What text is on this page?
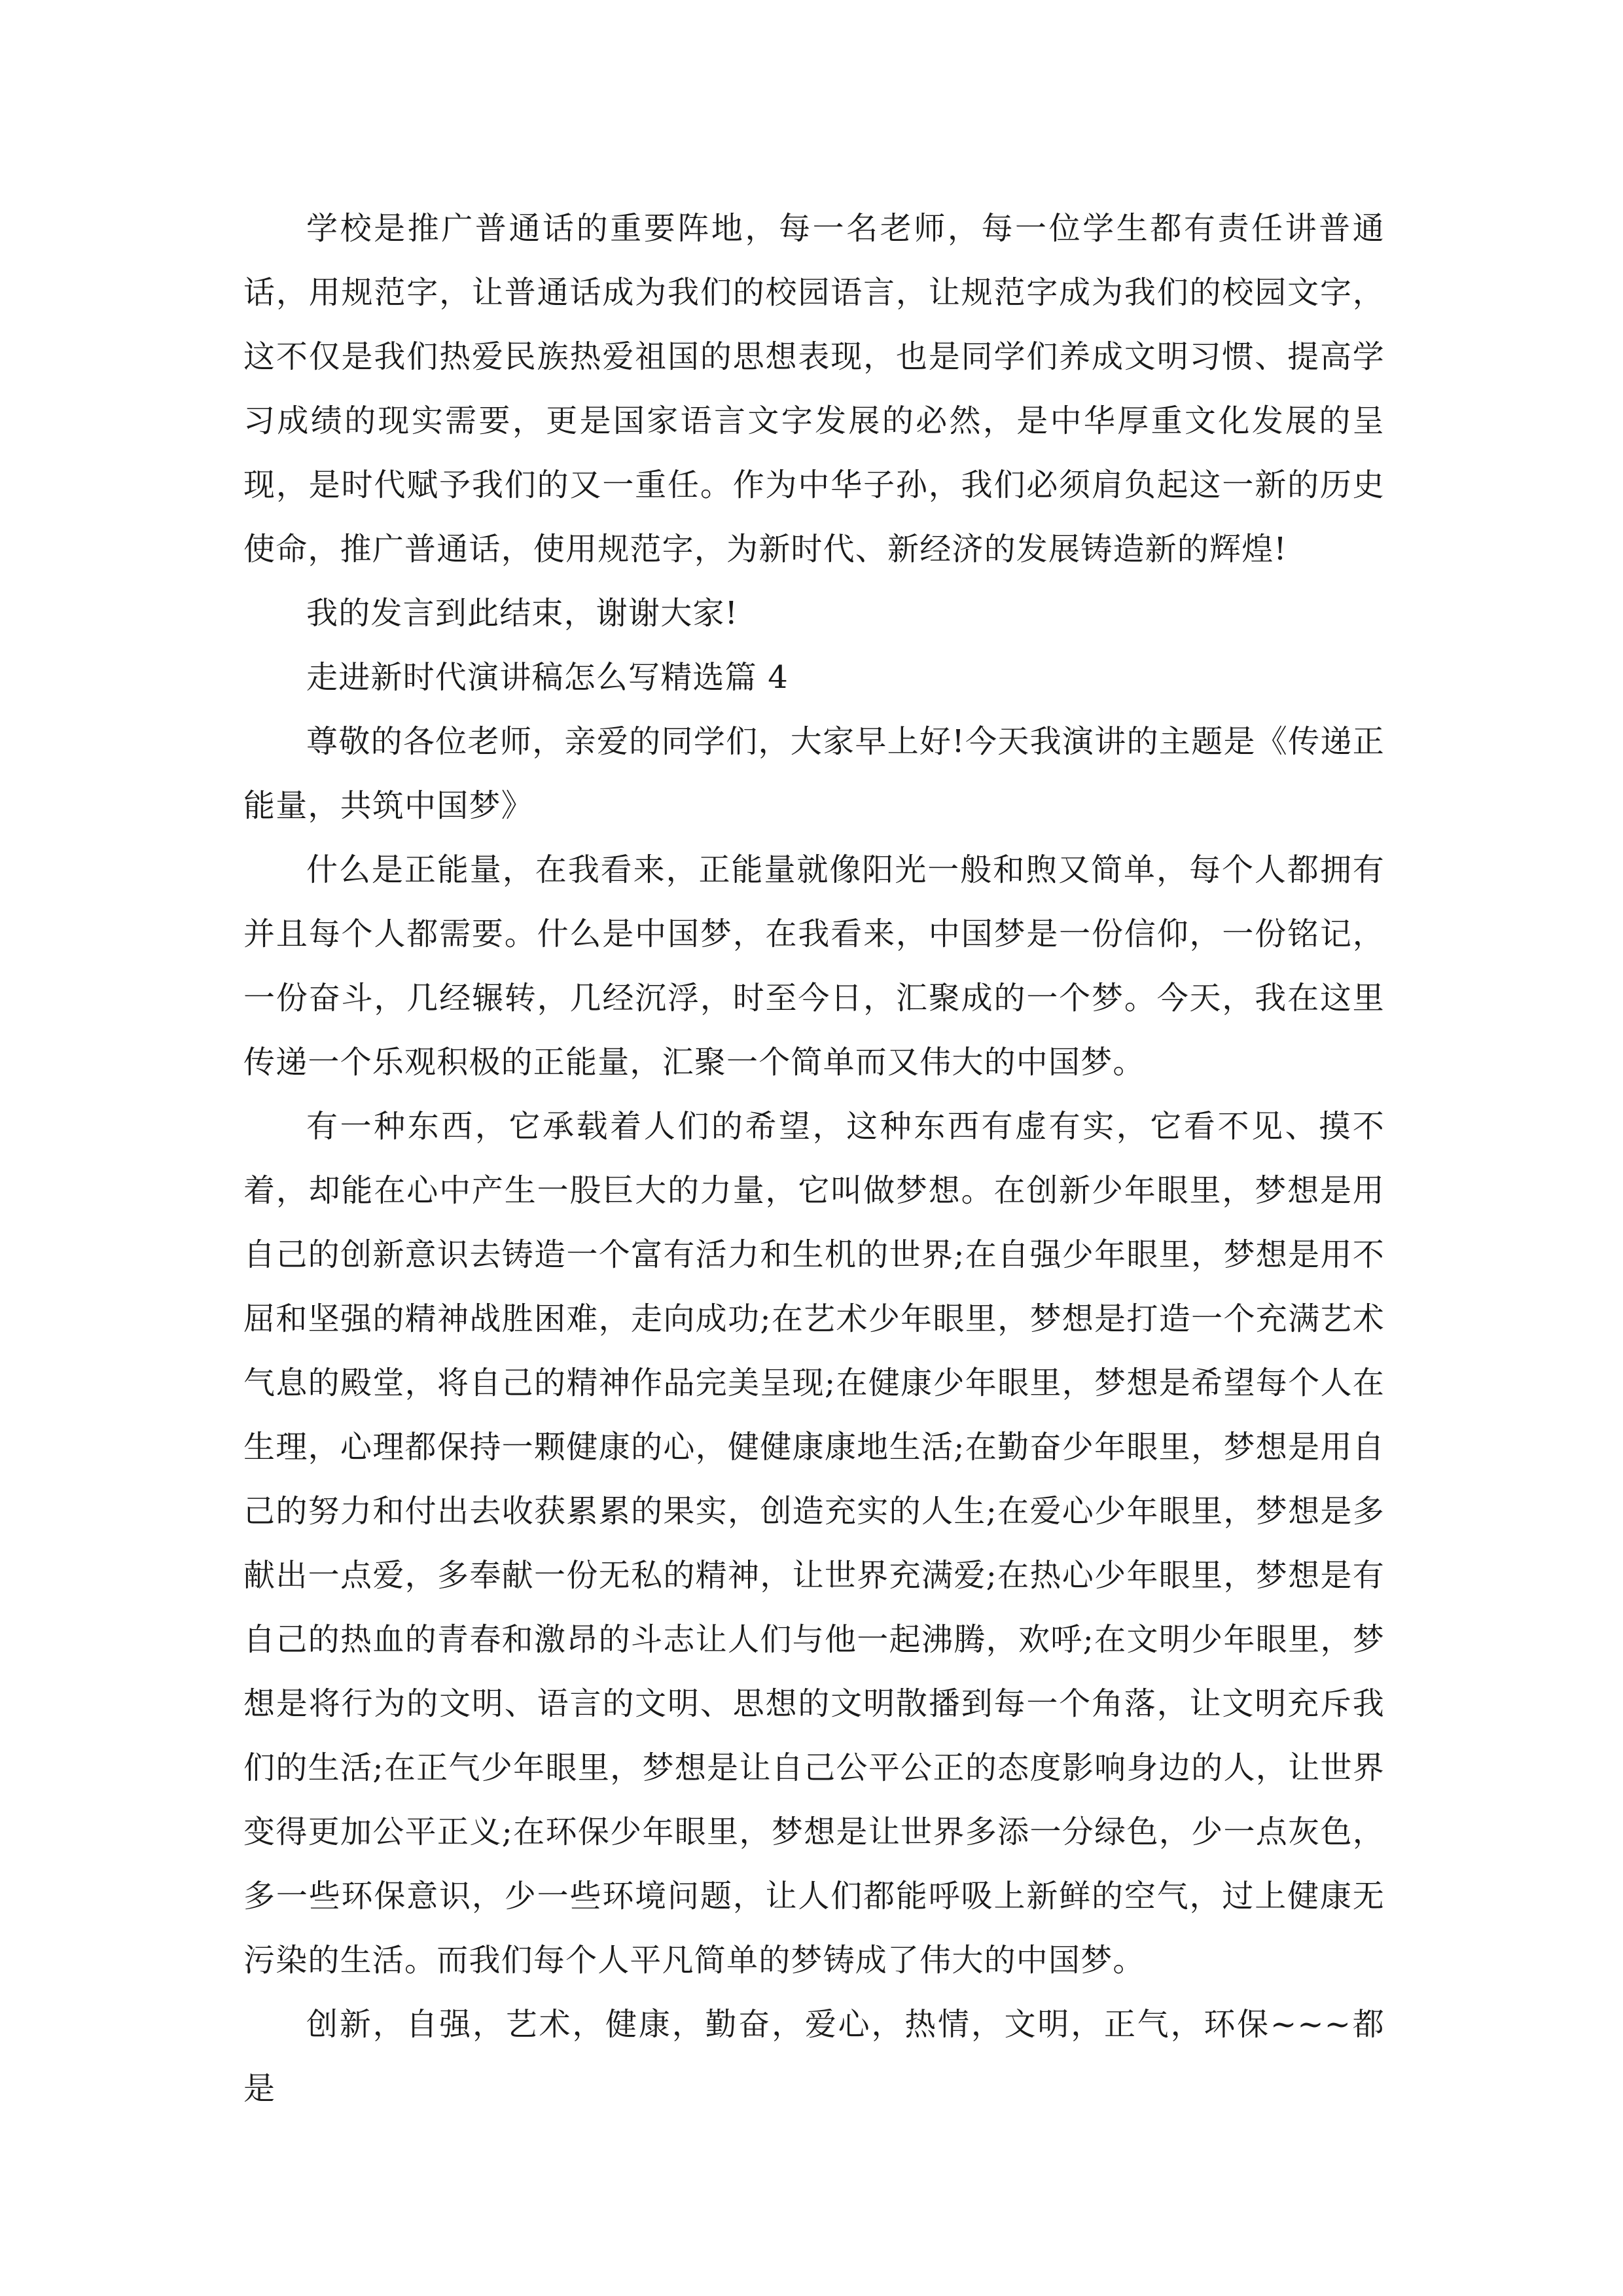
学校是推广普通话的重要阵地，每一名老师，每一位学生都有责任讲普通话，用规范字，让普通话成为我们的校园语言，让规范字成为我们的校园文字，这不仅是我们热爱民族热爱祖国的思想表现，也是同学们养成文明习惯、提高学习成绩的现实需要，更是国家语言文字发展的必然，是中华厚重文化发展的呈现，是时代赋予我们的又一重任。作为中华子孙，我们必须肩负起这一新的历史使命，推广普通话，使用规范字，为新时代、新经济的发展铸造新的辉煌!

我的发言到此结束，谢谢大家!

走进新时代演讲稿怎么写精选篇 4

尊敬的各位老师，亲爱的同学们，大家早上好!今天我演讲的主题是《传递正能量，共筑中国梦》

什么是正能量，在我看来，正能量就像阳光一般和煦又简单，每个人都拥有并且每个人都需要。什么是中国梦，在我看来，中国梦是一份信仰，一份铭记，一份奋斗，几经辗转，几经沉浮，时至今日，汇聚成的一个梦。今天，我在这里传递一个乐观积极的正能量，汇聚一个简单而又伟大的中国梦。

有一种东西，它承载着人们的希望，这种东西有虚有实，它看不见、摸不着，却能在心中产生一股巨大的力量，它叫做梦想。在创新少年眼里，梦想是用自己的创新意识去铸造一个富有活力和生机的世界;在自强少年眼里，梦想是用不屈和坚强的精神战胜困难，走向成功;在艺术少年眼里，梦想是打造一个充满艺术气息的殿堂，将自己的精神作品完美呈现;在健康少年眼里，梦想是希望每个人在生理，心理都保持一颗健康的心，健健康康地生活;在勤奋少年眼里，梦想是用自己的努力和付出去收获累累的果实，创造充实的人生;在爱心少年眼里，梦想是多献出一点爱，多奉献一份无私的精神，让世界充满爱;在热心少年眼里，梦想是有自己的热血的青春和激昂的斗志让人们与他一起沸腾，欢呼;在文明少年眼里，梦想是将行为的文明、语言的文明、思想的文明散播到每一个角落，让文明充斥我们的生活;在正气少年眼里，梦想是让自己公平公正的态度影响身边的人，让世界变得更加公平正义;在环保少年眼里，梦想是让世界多添一分绿色，少一点灰色，多一些环保意识，少一些环境问题，让人们都能呼吸上新鲜的空气，过上健康无污染的生活。而我们每个人平凡简单的梦铸成了伟大的中国梦。

创新，自强，艺术，健康，勤奋，爱心，热情，文明，正气，环保~~~都是
